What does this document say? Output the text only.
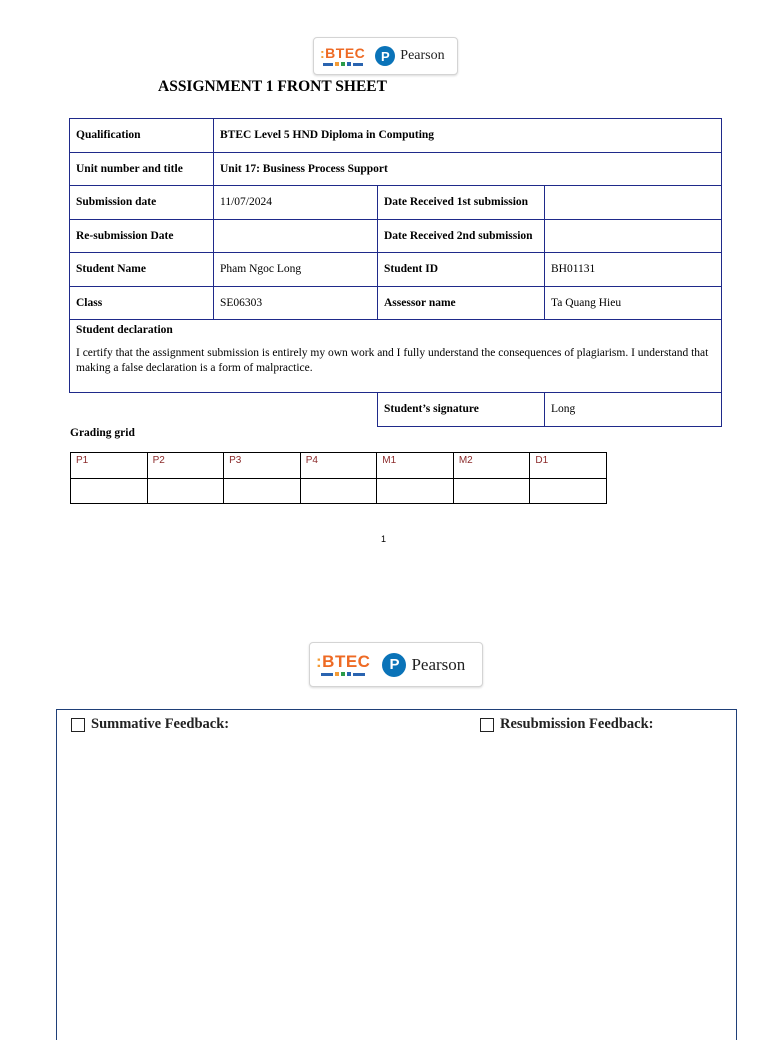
:BTEC P Pearson
ASSIGNMENT 1 FRONT SHEET
Qualification	BTEC Level 5 HND Diploma in Computing		
Unit number and title	Unit 17: Business Process Support		
Submission date	11/07/2024	Date Received 1st submission	
Re-submission Date		Date Received 2nd submission	
Student Name	Pham Ngoc Long	Student ID	BH01131
Class	SE06303	Assessor name	Ta Quang Hieu

Student declaration
I certify that the assignment submission is entirely my own work and I fully understand the consequences of plagiarism. I understand that making a false declaration is a form of malpractice.			

		Student’s signature	Long
Grading grid
P1	P2	P3	P4	M1	M2	D1

1
:BTEC P Pearson
Summative Feedback:	Resubmission Feedback:
